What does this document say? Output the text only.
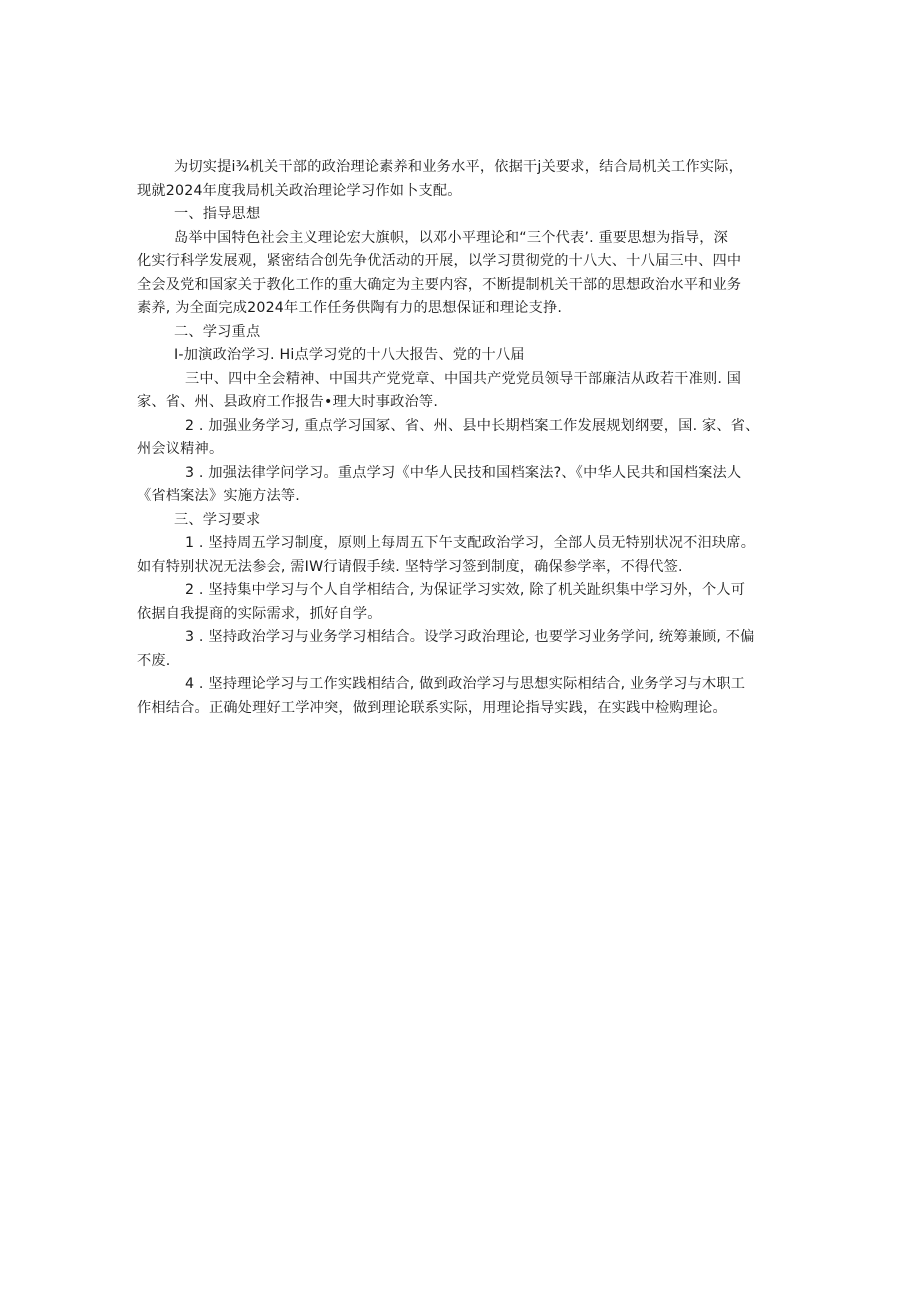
为切实提i¾机关干部的政治理论素养和业务水平，依据干j关要求，结合局机关工作实际，
现就2024年度我局机关政治理论学习作如卜支配。
一、指导思想
岛举中国特色社会主义理论宏大旗帜，以邓小平理论和“三个代表’. 重要思想为指导，深
化实行科学发展观，紧密结合创先争优活动的开展，以学习贯彻党的十八大、十八届三中、四中
全会及党和国家关于教化工作的重大确定为主要内容，不断提制机关干部的思想政治水平和业务
素养, 为全面完成2024年工作任务供陶有力的思想保证和理论支挣.
二、学习重点
I-加演政治学习. Hi点学习党的十八大报告、党的十八届
三中、四中全会精神、中国共产党党章、中国共产党党员领导干部廉洁从政若干准则. 国
家、省、州、县政府工作报告•理大时事政治等.
2 . 加强业务学习, 重点学习国冢、省、州、县中长期档案工作发展规划纲要，国. 家、省、
州会议精神。
3 . 加强法律学问学习。重点学习《中华人民技和国档案法?、《中华人民共和国档案法人
《省档案法》实施方法等.
三、学习要求
1 . 坚持周五学习制度，原则上每周五下午支配政治学习，全部人员无特别状况不汨玦席。
如有特别状况无法参会, 需IW行请假手续. 坚特学习签到制度，确保参学率，不得代签.
2 . 坚持集中学习与个人自学相结合, 为保证学习实效, 除了机关趾织集中学习外，个人可
依据自我提商的实际需求，抓好自学。
3 . 坚持政治学习与业务学习相结合。设学习政治理论, 也要学习业务学问, 统筹兼顾, 不偏
不废.
4 . 坚持理论学习与工作实践相结合, 做到政治学习与思想实际相结合, 业务学习与木职工
作相结合。正确处理好工学冲突，做到理论联系实际，用理论指导实践，在实践中检购理论。
